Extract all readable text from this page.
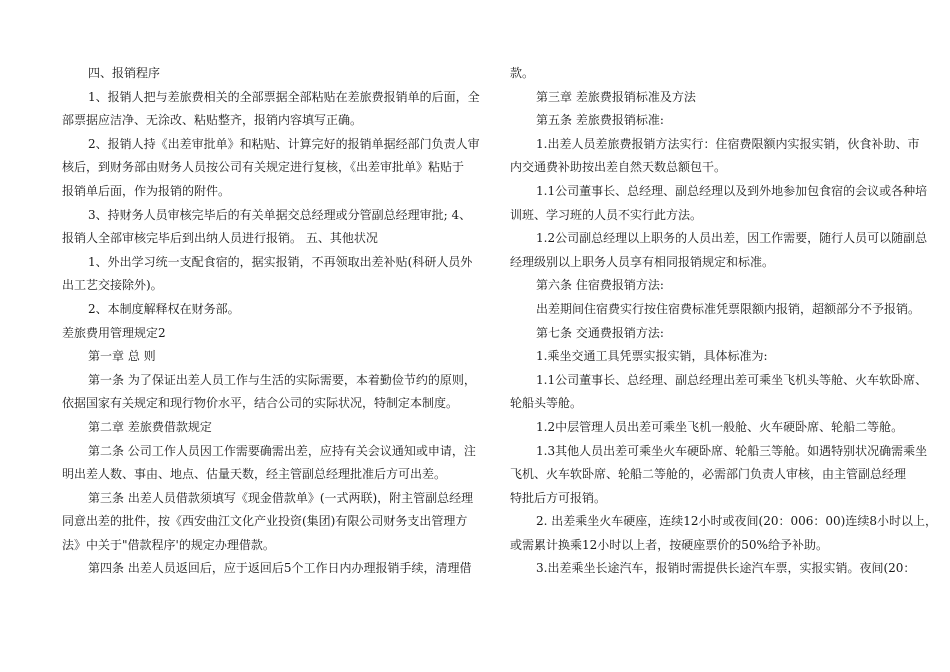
四、报销程序

1、报销人把与差旅费相关的全部票据全部粘贴在差旅费报销单的后面，全

部票据应洁净、无涂改、粘贴整齐，报销内容填写正确。

2、报销人持《出差审批单》和粘贴、计算完好的报销单据经部门负责人审

核后，到财务部由财务人员按公司有关规定进行复核，《出差审批单》粘贴于

报销单后面，作为报销的附件。

3、持财务人员审核完毕后的有关单据交总经理或分管副总经理审批; 4、

报销人全部审核完毕后到出纳人员进行报销。 五、其他状况

1、外出学习统一支配食宿的，据实报销，不再领取出差补贴(科研人员外

出工艺交接除外)。

2、本制度解释权在财务部。

差旅费用管理规定2

第一章 总 则

第一条 为了保证出差人员工作与生活的实际需要，本着勤俭节约的原则，

依据国家有关规定和现行物价水平，结合公司的实际状况，特制定本制度。

第二章 差旅费借款规定

第二条 公司工作人员因工作需要确需出差，应持有关会议通知或申请，注

明出差人数、事由、地点、估量天数，经主管副总经理批准后方可出差。

第三条 出差人员借款须填写《现金借款单》(一式两联)，附主管副总经理

同意出差的批件，按《西安曲江文化产业投资(集团)有限公司财务支出管理方

法》中关于"借款程序'的规定办理借款。

第四条 出差人员返回后，应于返回后5个工作日内办理报销手续，清理借

款。

第三章 差旅费报销标准及方法

第五条 差旅费报销标准:

1.出差人员差旅费报销方法实行：住宿费限额内实报实销，伙食补助、市

内交通费补助按出差自然天数总额包干。

1.1公司董事长、总经理、副总经理以及到外地参加包食宿的会议或各种培

训班、学习班的人员不实行此方法。

1.2公司副总经理以上职务的人员出差，因工作需要，随行人员可以随副总

经理级别以上职务人员享有相同报销规定和标准。

第六条 住宿费报销方法:

出差期间住宿费实行按住宿费标准凭票限额内报销，超额部分不予报销。

第七条 交通费报销方法:

1.乘坐交通工具凭票实报实销，具体标准为:

1.1公司董事长、总经理、副总经理出差可乘坐飞机头等舱、火车软卧席、

轮船头等舱。

1.2中层管理人员出差可乘坐飞机一般舱、火车硬卧席、轮船二等舱。

1.3其他人员出差可乘坐火车硬卧席、轮船三等舱。如遇特别状况确需乘坐

飞机、火车软卧席、轮船二等舱的，必需部门负责人审核，由主管副总经理

特批后方可报销。

2. 出差乘坐火车硬座，连续12小时或夜间(20：006：00)连续8小时以上，

或需累计换乘12小时以上者，按硬座票价的50%给予补助。

3.出差乘坐长途汽车，报销时需提供长途汽车票，实报实销。夜间(20：
